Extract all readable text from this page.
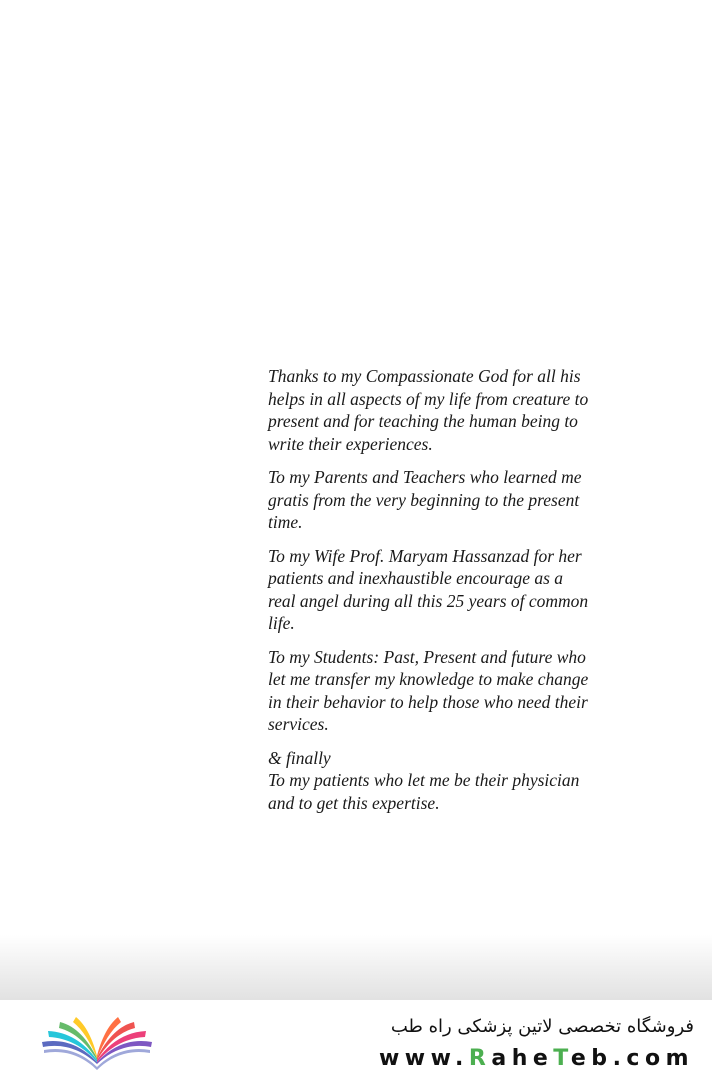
Thanks to my Compassionate God for all his
helps in all aspects of my life from creature to
present and for teaching the human being to
write their experiences.

To my Parents and Teachers who learned me
gratis from the very beginning to the present
time.

To my Wife Prof. Maryam Hassanzad for her
patients and inexhaustible encourage as a
real angel during all this 25 years of common
life.

To my Students: Past, Present and future who
let me transfer my knowledge to make change
in their behavior to help those who need their
services.

& finally
To my patients who let me be their physician
and to get this expertise.

فروشگاه تخصصی لاتین پزشکی راه طب
www.RaheTeb.com
